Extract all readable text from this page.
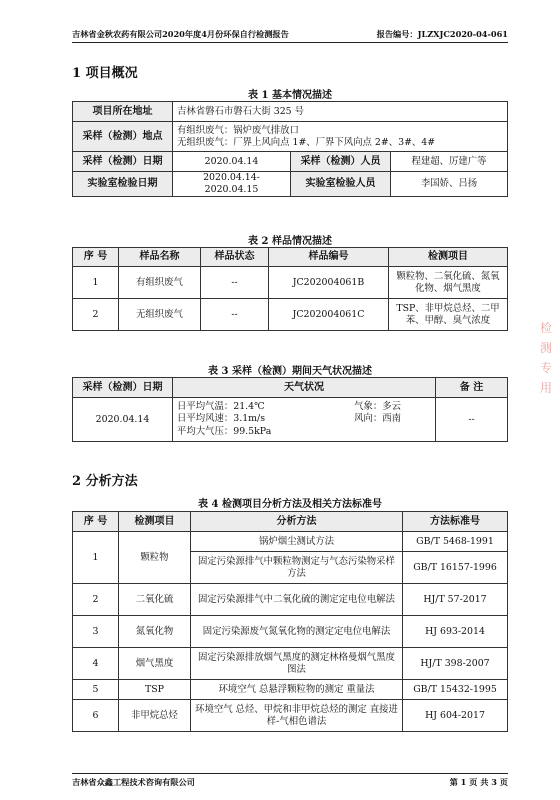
吉林省金秋农药有限公司2020年度4月份环保自行检测报告	报告编号：JLZXJC2020-04-061
1 项目概况
表 1 基本情况描述
项目所在地址	吉林省磐石市磐石大街 325 号		
采样（检测）地点	有组织废气：锅炉废气排放口
无组织废气：厂界上风向点 1#、厂界下风向点 2#、3#、4#		

采样（检测）日期	2020.04.14	采样（检测）人员	程建超、厉建广等
实验室检验日期	2020.04.14-2020.04.15	实验室检验人员	李国娇、吕扬
表 2 样品情况描述
序 号	样品名称	样品状态	样品编号	检测项目
1	有组织废气	--	JC202004061B	颗粒物、二氧化硫、氮氧化物、烟气黑度
2	无组织废气	--	JC202004061C	TSP、非甲烷总烃、二甲苯、甲醇、臭气浓度
表 3 采样（检测）期间天气状况描述
采样（检测）日期	天气状况	备 注
2020.04.14	日平均气温：21.4℃ 气象：多云
日平均风速：3.1m/s 风向：西南
平均大气压：99.5kPa	--
2 分析方法
表 4 检测项目分析方法及相关方法标准号
序 号	检测项目	分析方法	方法标准号
1	颗粒物	锅炉烟尘测试方法	GB/T 5468-1991
		固定污染源排气中颗粒物测定与气态污染物采样方法	GB/T 16157-1996
2	二氧化硫	固定污染源排气中二氧化硫的测定定电位电解法	HJ/T 57-2017
3	氮氧化物	固定污染源废气氮氧化物的测定定电位电解法	HJ 693-2014
4	烟气黑度	固定污染源排放烟气黑度的测定林格曼烟气黑度图法	HJ/T 398-2007
5	TSP	环境空气 总悬浮颗粒物的测定 重量法	GB/T 15432-1995
6	非甲烷总烃	环境空气 总烃、甲烷和非甲烷总烃的测定 直接进样-气相色谱法	HJ 604-2017
检测专用
吉林省众鑫工程技术咨询有限公司	第 1 页 共 3 页
